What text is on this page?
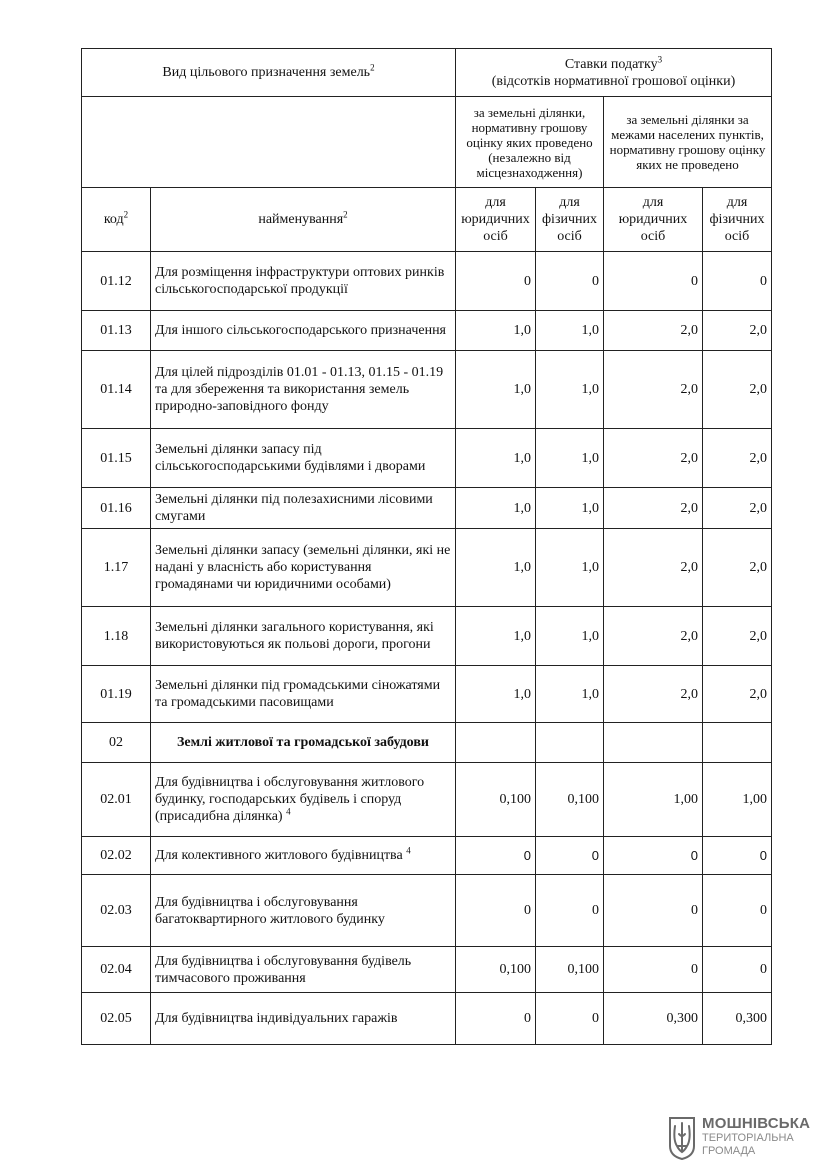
Вид цільового призначення земель$^2$		Ставки податку$^3$
(відсотків нормативної грошової оцінки)			
		за земельні ділянки, нормативну грошову оцінку яких проведено (незалежно від місцезнаходження)		за земельні ділянки за межами населених пунктів, нормативну грошову оцінку яких не проведено	
код$^2$	найменування$^2$	для юридичних осіб	для фізичних осіб	для юридичних осіб	для фізичних осіб
01.12	Для розміщення інфраструктури оптових ринків сільськогосподарської продукції	0	0	0	0
01.13	Для іншого сільськогосподарського призначення	1,0	1,0	2,0	2,0
01.14	Для цілей підрозділів 01.01 - 01.13, 01.15 - 01.19 та для збереження та використання земель природно-заповідного фонду	1,0	1,0	2,0	2,0
01.15	Земельні ділянки запасу під сільськогосподарськими будівлями і дворами	1,0	1,0	2,0	2,0
01.16	Земельні ділянки під полезахисними лісовими смугами	1,0	1,0	2,0	2,0
1.17	Земельні ділянки запасу (земельні ділянки, які не надані у власність або користування громадянами чи юридичними особами)	1,0	1,0	2,0	2,0
1.18	Земельні ділянки загального користування, які використовуються як польові дороги, прогони	1,0	1,0	2,0	2,0
01.19	Земельні ділянки під громадськими сіножатями та громадськими пасовищами	1,0	1,0	2,0	2,0
02	Землі житлової та громадської забудови				
02.01	Для будівництва і обслуговування житлового будинку, господарських будівель і споруд (присадибна ділянка) $^4$	0,100	0,100	1,00	1,00
02.02	Для колективного житлового будівництва $^4$	0	0	0	0
02.03	Для будівництва і обслуговування багатоквартирного житлового будинку	0	0	0	0
02.04	Для будівництва і обслуговування будівель тимчасового проживання	0,100	0,100	0	0
02.05	Для будівництва індивідуальних гаражів	0	0	0,300	0,300
МОШНІВСЬКА
ТЕРИТОРІАЛЬНА
ГРОМАДА
